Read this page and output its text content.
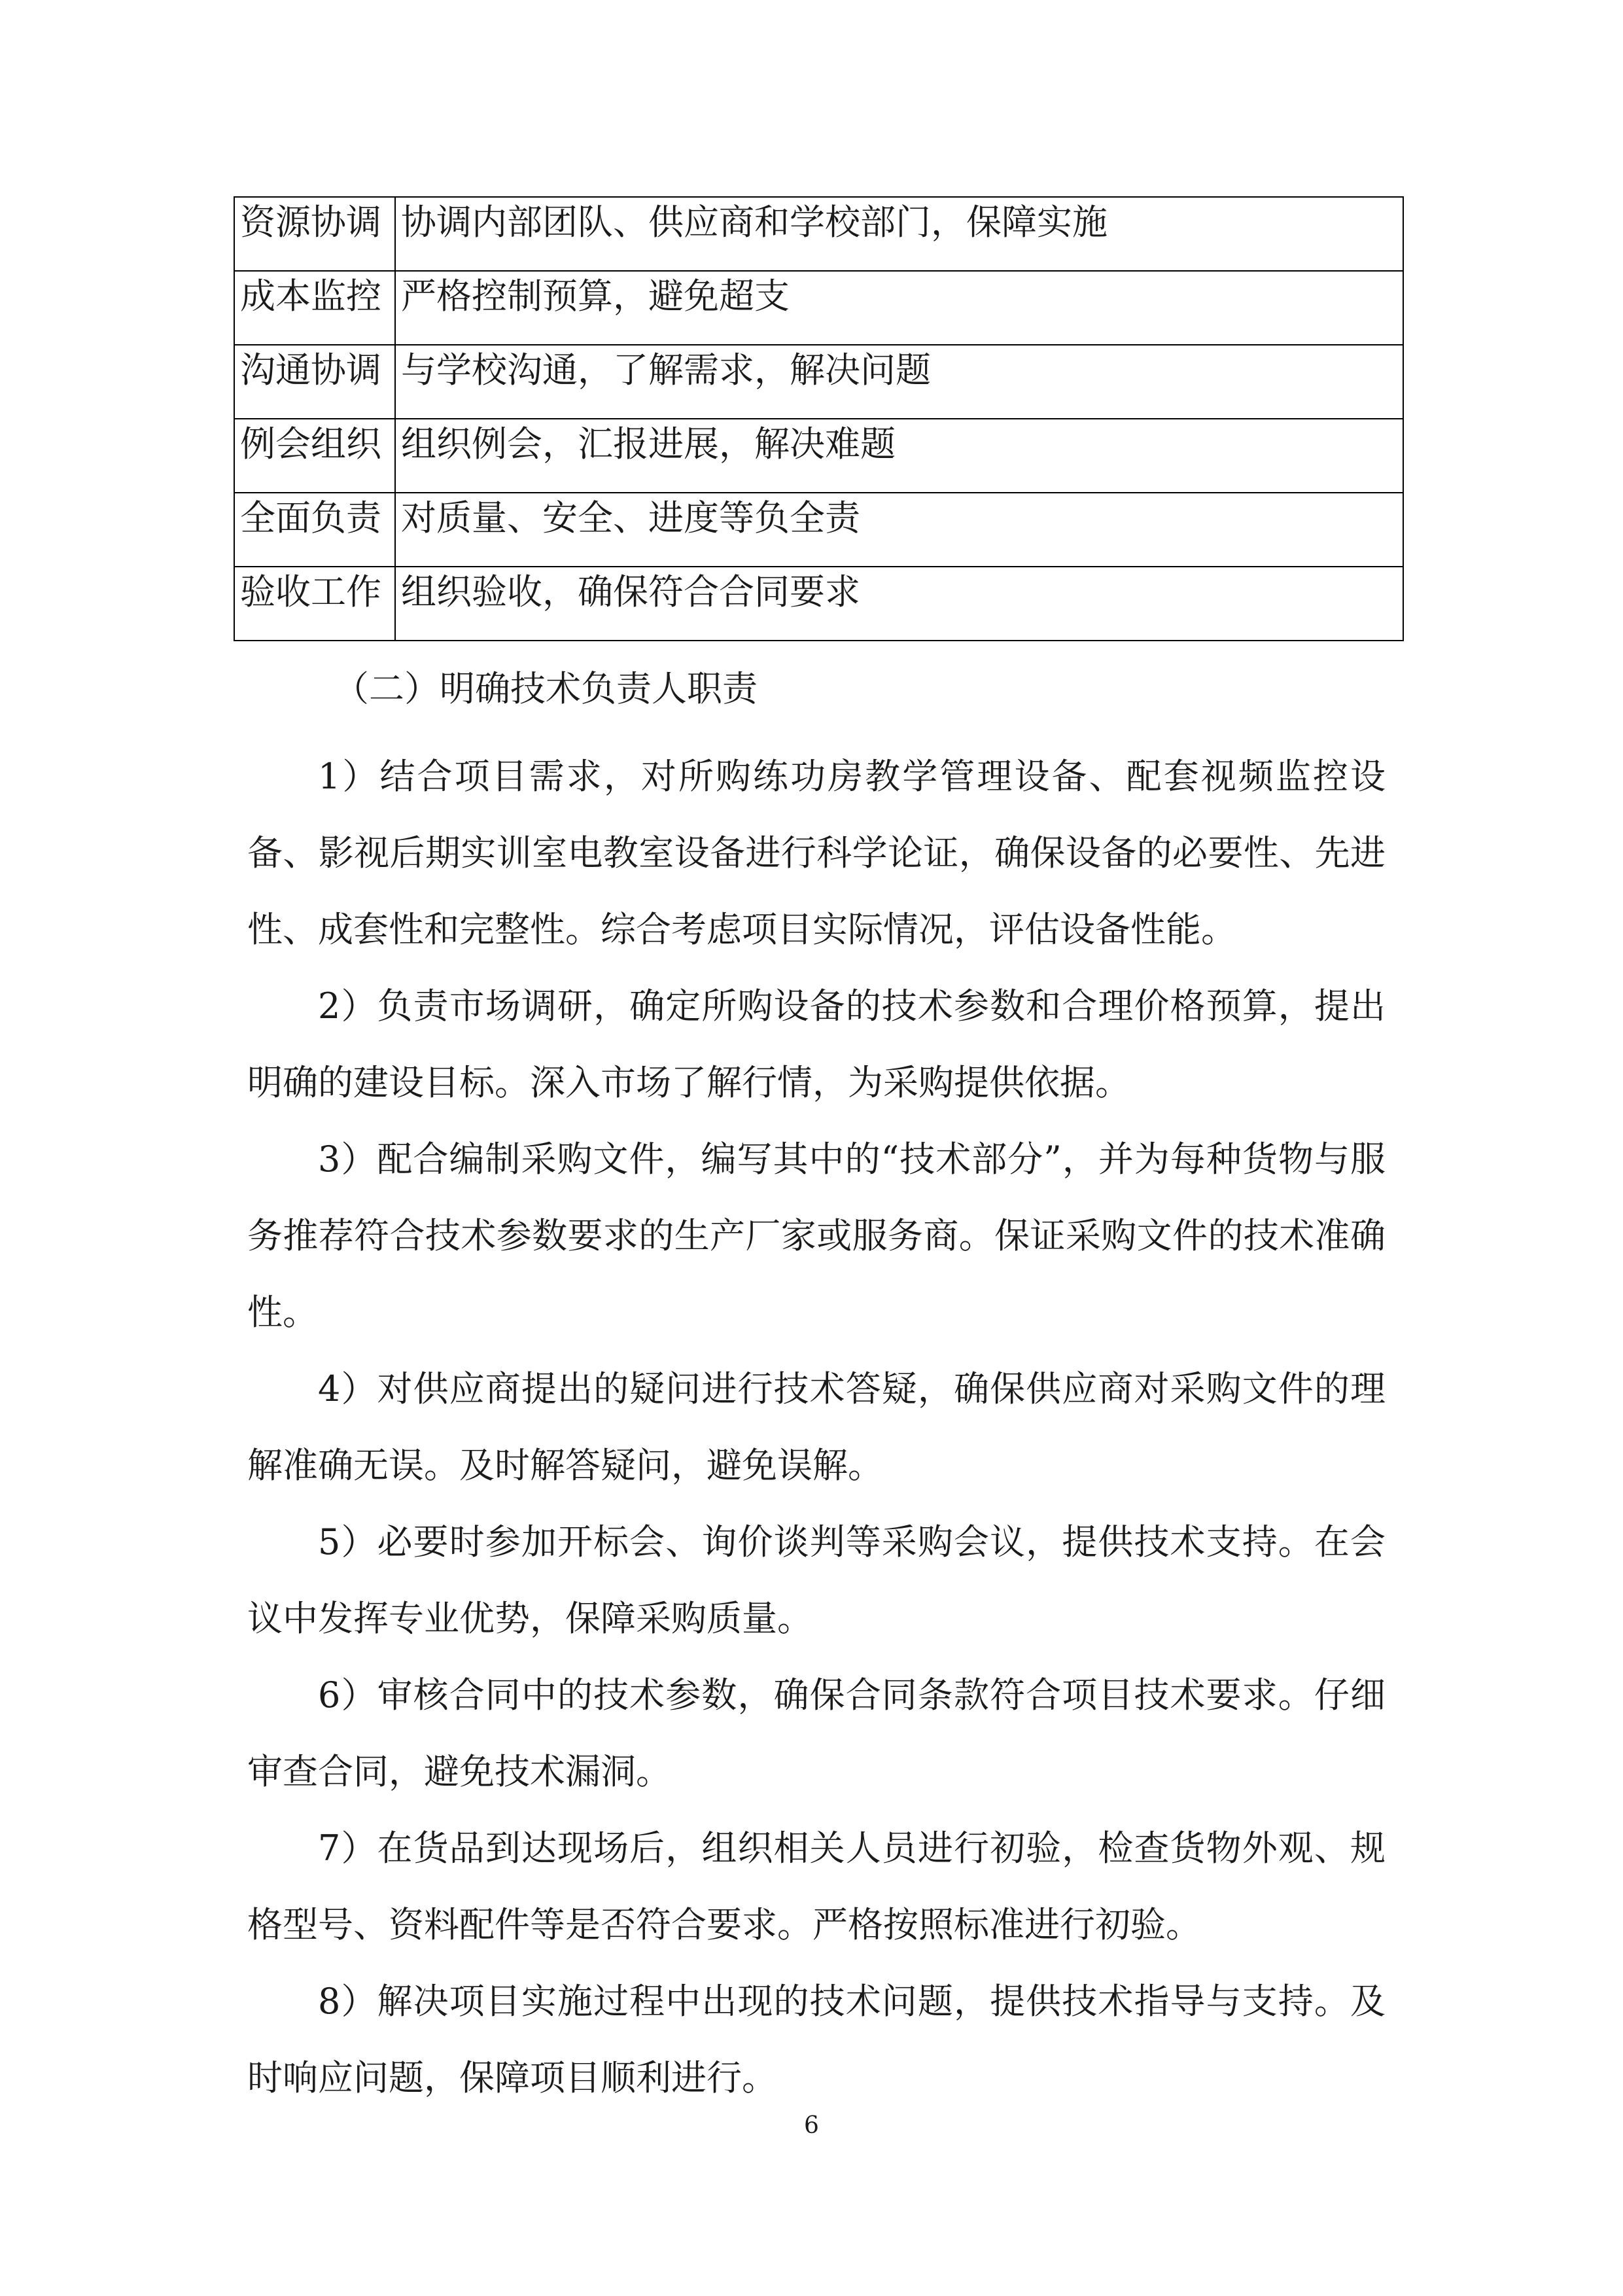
资源协调	协调内部团队、供应商和学校部门，保障实施
成本监控	严格控制预算，避免超支
沟通协调	与学校沟通，了解需求，解决问题
例会组织	组织例会，汇报进展，解决难题
全面负责	对质量、安全、进度等负全责
验收工作	组织验收，确保符合合同要求
（二）明确技术负责人职责

1）结合项目需求，对所购练功房教学管理设备、配套视频监控设备、影视后期实训室电教室设备进行科学论证，确保设备的必要性、先进性、成套性和完整性。综合考虑项目实际情况，评估设备性能。

2）负责市场调研，确定所购设备的技术参数和合理价格预算，提出明确的建设目标。深入市场了解行情，为采购提供依据。

3）配合编制采购文件，编写其中的“技术部分”，并为每种货物与服务推荐符合技术参数要求的生产厂家或服务商。保证采购文件的技术准确性。

4）对供应商提出的疑问进行技术答疑，确保供应商对采购文件的理解准确无误。及时解答疑问，避免误解。

5）必要时参加开标会、询价谈判等采购会议，提供技术支持。在会议中发挥专业优势，保障采购质量。

6）审核合同中的技术参数，确保合同条款符合项目技术要求。仔细审查合同，避免技术漏洞。

7）在货品到达现场后，组织相关人员进行初验，检查货物外观、规格型号、资料配件等是否符合要求。严格按照标准进行初验。

8）解决项目实施过程中出现的技术问题，提供技术指导与支持。及时响应问题，保障项目顺利进行。

6
